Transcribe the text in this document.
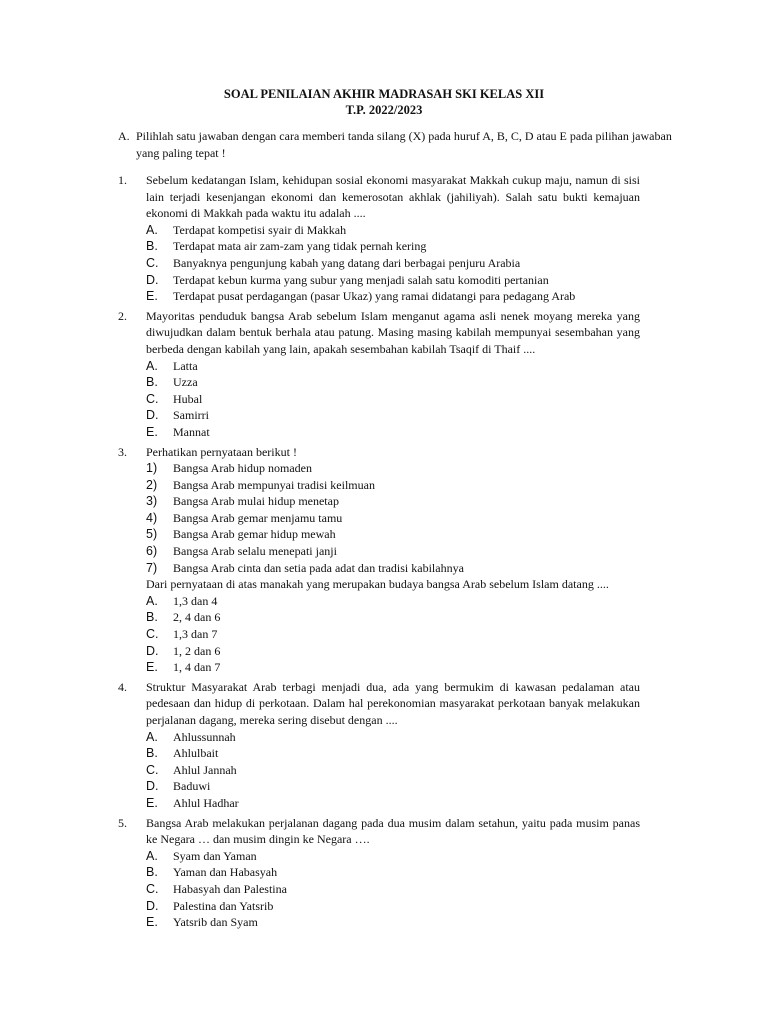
SOAL PENILAIAN AKHIR MADRASAH SKI KELAS XII
T.P. 2022/2023
A. Pilihlah satu jawaban dengan cara memberi tanda silang (X) pada huruf A, B, C, D atau E pada pilihan jawaban yang paling tepat !
1. Sebelum kedatangan Islam, kehidupan sosial ekonomi masyarakat Makkah cukup maju, namun di sisi lain terjadi kesenjangan ekonomi dan kemerosotan akhlak (jahiliyah). Salah satu bukti kemajuan ekonomi di Makkah pada waktu itu adalah ....
A. Terdapat kompetisi syair di Makkah
B. Terdapat mata air zam-zam yang tidak pernah kering
C. Banyaknya pengunjung kabah yang datang dari berbagai penjuru Arabia
D. Terdapat kebun kurma yang subur yang menjadi salah satu komoditi pertanian
E. Terdapat pusat perdagangan (pasar Ukaz) yang ramai didatangi para pedagang Arab
2. Mayoritas penduduk bangsa Arab sebelum Islam menganut agama asli nenek moyang mereka yang diwujudkan dalam bentuk berhala atau patung. Masing masing kabilah mempunyai sesembahan yang berbeda dengan kabilah yang lain, apakah sesembahan kabilah Tsaqif di Thaif ....
A. Latta
B. Uzza
C. Hubal
D. Samirri
E. Mannat
3. Perhatikan pernyataan berikut !
1) Bangsa Arab hidup nomaden
2) Bangsa Arab mempunyai tradisi keilmuan
3) Bangsa Arab mulai hidup menetap
4) Bangsa Arab gemar menjamu tamu
5) Bangsa Arab gemar hidup mewah
6) Bangsa Arab selalu menepati janji
7) Bangsa Arab cinta dan setia pada adat dan tradisi kabilahnya
Dari pernyataan di atas manakah yang merupakan budaya bangsa Arab sebelum Islam datang ....
A. 1,3 dan 4
B. 2, 4 dan 6
C. 1,3 dan 7
D. 1, 2 dan 6
E. 1, 4 dan 7
4. Struktur Masyarakat Arab terbagi menjadi dua, ada yang bermukim di kawasan pedalaman atau pedesaan dan hidup di perkotaan. Dalam hal perekonomian masyarakat perkotaan banyak melakukan perjalanan dagang, mereka sering disebut dengan ....
A. Ahlussunnah
B. Ahlulbait
C. Ahlul Jannah
D. Baduwi
E. Ahlul Hadhar
5. Bangsa Arab melakukan perjalanan dagang pada dua musim dalam setahun, yaitu pada musim panas ke Negara … dan musim dingin ke Negara ….
A. Syam dan Yaman
B. Yaman dan Habasyah
C. Habasyah dan Palestina
D. Palestina dan Yatsrib
E. Yatsrib dan Syam
